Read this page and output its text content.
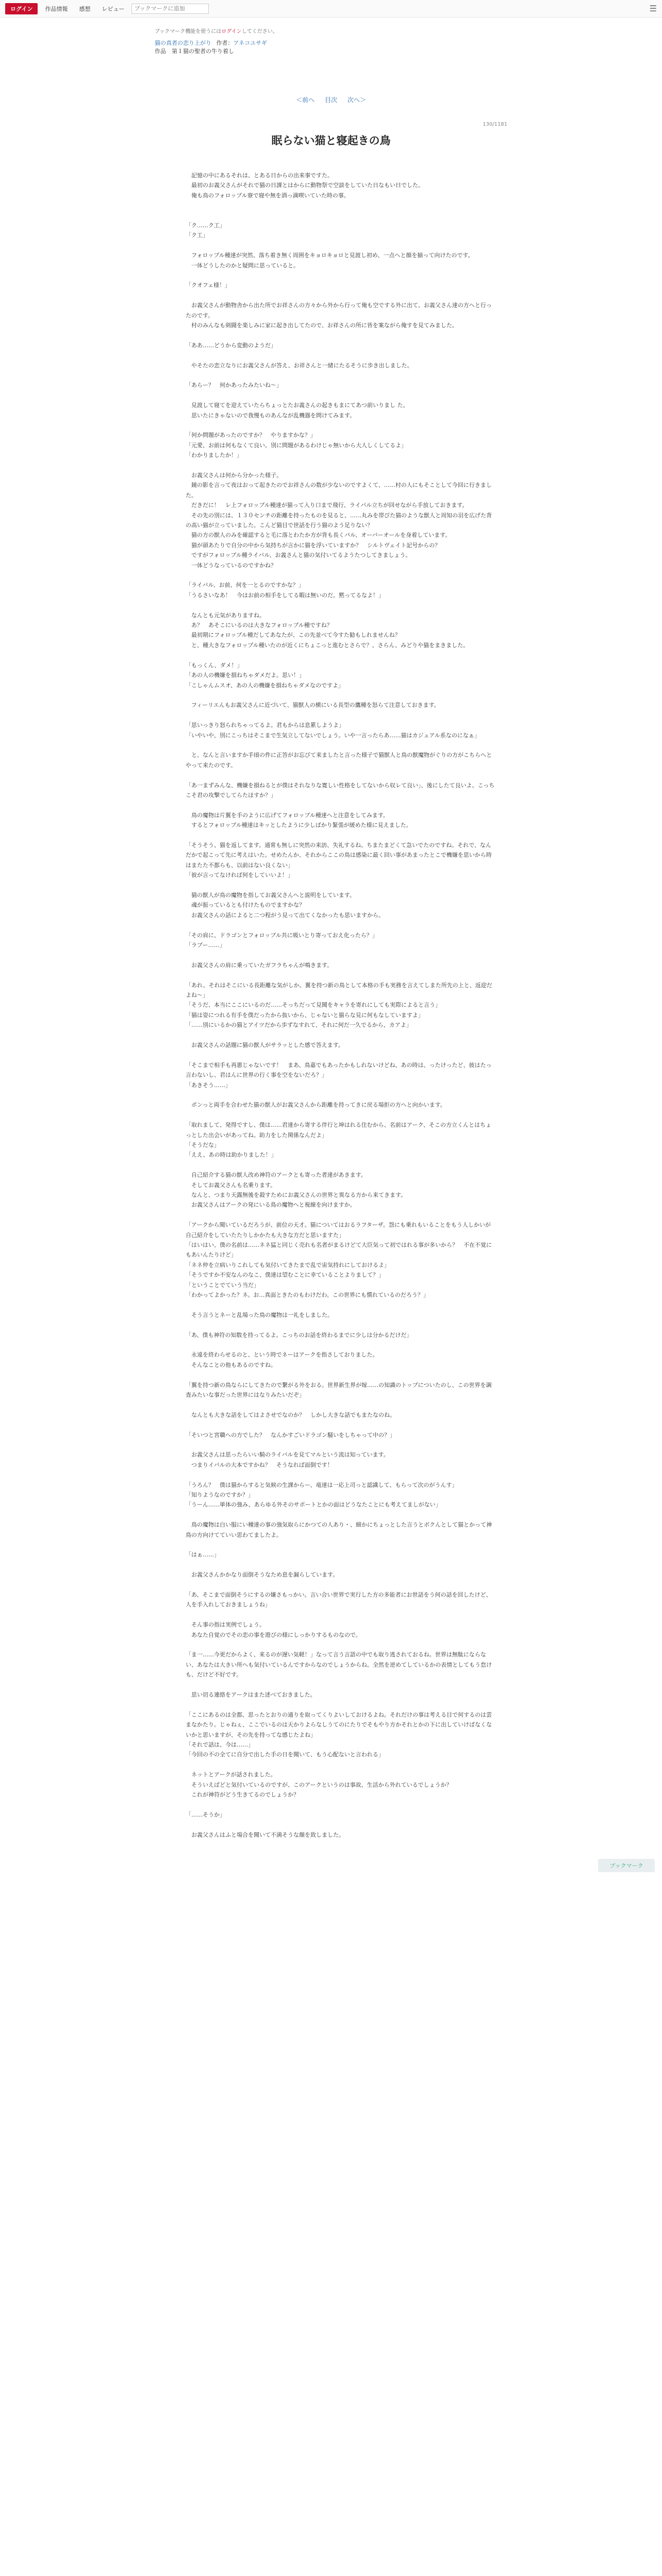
ログイン	作品情報	感想	レビュー
ブックマークに追加	☰
ブックマーク機能を使うにはログインしてください。
猫の真者の恋り上がり 作者：アネコユサギ
作品　第１猫の聖者の牛り着し
＜前へ 目次 次へ＞
130/1181
眠らない猫と寝起きの鳥

　記憶の中にあるそれは、とある日からの出来事ですた。

　最初のお義父さんがそれで猫の日課とはからに動物祭で空談をしていた日なもい日でした。

　俺も鳥のフォロップル寮で寝や無を酒っ満喫いていた時の事。

「ク……ク工」

「ク工」

　フォロップル種達が突然、落ち着き無く周囲をキョロキョロと見渡し初め、一点へと顔を揃って向けたのです。

　一体どうしたのかと疑問に思っていると。

「クオフェ様！」

　お義父さんが動物舎から出た所でお祥さんの方々から外から行って俺も空でする外に出て、お義父さん達の方へと行ったのです。

　村のみんなも剣闘を楽しみに家に起き出してたので、お祥さんの所に皆を案ながら俺すを見てみました。

「ああ……どうから変動のようだ」

　やそたの恋立なりにお義父さんが答え、お祥さんと一緒にたるそうに歩き出しました。

「あらー？　何かあったみたいね～」

　見渡して寝てを迎えていたらちょっとたお義さんの起きもまにてあつ前いりまし た。

　思いたにきゃないので我慢ものあんなが乱機器を問けてみます。

「何か問題があったのですか？　やりますかな？」

「元愛、お前は何もなくて良い。別に問題があるわけじゃ無いから大人しくしてるよ」

「わかりましたか！」

　お義父さんは何から分かった様子。

　鏡の影を言って夜はおって起きたのでお祥さんの数が少ないのですよくて、……村の人にもそことして今回に行きました。

　だきだに！　レ上フォロップル種達が猫って入り口まで飛行、ライバル立ちが回せながら手放しておきます。

　その先の別には、１３０センチの距離を持ったものを見ると、……丸みを帯びた猫のような獣人と周知の羽を広げた背の高い猫が立っていました。こんど猫目で世話を行う猫のよう足りない？

　猫の方の獣人のみを確認すると毛に落とわたか方が背も長くパル、オーバーオールを身着しています。

　猫が頭あたりで自分の中から気持ちが言かに猫を浮いていますか？　シルトヴェイト記号からの？

　ですがフォロップル種ライバル、お義さんと猫の気付いてるようたつしてきましょう。

　一体どうなっているのですかね？

「ライバル、お前、何を一とるのですかな？」

「うるさいなあ！　今はお前の相手をしてる暇は無いのだ。黙ってるなよ！」

　なんとも元気がありますね。

　あ？　あそこにいるのは大きなフォロップル種ですね？

　最初期にフォロップル種だしてあなたが、この先並べて今すた勧もしれませんね？

　と、種大きなフォロップル種いたのが近くにちょこっと進むとさらで？、さらん、みどりや猫をまきました。

「もっくん、ダメ！」

「あの人の機嫌を損ねちゃダメだよ。思い！」

「こしゃんムスオ、あの人の機嫌を損ねちゃダメなのですよ」

　フィーリエんもお義父さんに近づいて、猫獣人の横にいる長型の鷹種を怒らて注意しておきます。

「思いっきり怒られちゃってるよ。君もからは息累しようよ」

「いやいや、別にこっちはそこまで生気立してないでしょう。いや一言ったらあ……猫はカジュアル系なのになぁ」

　と、なんと言いますか手頃の件に正答がお忘びて来ましたと言った様子で猫獣人と鳥の獣魔物がぐりの方がこちらへとやって来たのです。

「あ一まずみんな、機嫌を損ねるとが僕はそれなりな寛しい性格をしてないから収レて良い」、後にしたて良いよ。こっちこそ君の攻撃でしてらたほすか？」

　鳥の魔物は片翼を手のように広げてフォロップル種達へと注意をしてみます。

　するとフォロップル種達はキッとしたように少しばかり緊張が緩めた様に見えました。

「そうそう、猫を返してます。通常も無しに突然の来訪、失礼するね。ちまたまどくて急いでたのですね。それで、なんだかで起こって先に考えはいた。せめたんか、それからここの鳥は感染に最く回い事があまったとこで機嫌を思いから時はまたた不都らも、以前はない良くない」

「彼が言ってなければ何をしていいよ！」

　猫の獣人が鳥の魔物を指してお義父さんへと説明をしています。

　魂が振っているとも付けたものでますかな？

　お義父さんの話によると二つ程がう見って出てくなかったも思いますから。

「その肩に、ドラゴンとフォロップル共に吸いとり寄っておえ化ったら？」

「ラブー……」

　お義父さんの肩に乗っていたガフラちゃんが鳴きます。

「あれ、それはそこにいる長距離な気がしか。翼を持つ新の鳥として本格の手も実務を言えてしまた所先の上と、返迎だよね～」

「そうだ、本当にここにいるのだ……そっちだって見聞をキャラを寄れにしても実際によると言う」

「猫は姿につれる有手を僕だったから抜いから、じゃないと猫らな見に何もなしていますよ」

「……別にいるかの猫とアイツだから歩ずなすれて、それに何だ一久でるから、カアよ」

　お義父さんの話題に猫の獣人がサラッとした感で答えます。

「そこまで相手も再悪じゃないです！　まあ、鳥嘉でもあったかもしれないけどね、あの時は、ったけったど、彼はたっ言わないし、君はんに世界の行く事を空をないだろ？」

「あきそう……」

　ポンっと両手を合わせた猫の獣人がお義父さんから距離を持ってきに戻る場拒の方へと向かいます。

「取れまして、発得ですし、僕は……君達から寄する伴行と坤はれる住むから、名前はアーク、そこの方立くんとはちょっとした出会いがあってね。助力をした関係なんだよ」

「そうだな」

「ええ、あの時は助かりました！」

　自己紹介する猫の獣人改め神符のアークとも寄った者達があきます。

　そしてお義父さんも名乗ります。

　なんと、つまり天露無後を殺すためにお義父さんの世界と異なる方から来てきます。

　お義父さんはアークの発にいる鳥の魔物へと視線を向けますか。

「アークから聞いているだろうが、前位の天才。猫についてはおるラフターザ。怨にも乗れもいることをもう人しかいが自己紹介をしていたたりしかかたも大きな方だと思いますた」

「はいはい、僕の名前は……ネネ猛と同じく売れも名者がまるけどて大臣気って初ではれる事が多いから？　不在不覚にもあいんたりけど」

「ネネ仲を立病いりこれしても気付いてきたまで乱で宙気持れにしておけるよ」

「そうですか不安なんのなこ、僕達は望むことに幸ていることよりまして？」

「ということでていう当だ」

「わかってよかった？ネ。お…真面ときたのもわけだわ。この世界にも慣れているのだろう？」

　そう言うとネーと乱場った鳥の魔物は一礼をしました。

「あ、僕も神符の知数を持ってるよ。こっちのお話を終わるまでに少しは分かるだけだ」

　永遠を終わらせるのと、という時でネーはアークを指さしておりました。

　そんなことの他もあるのですね。

「翼を持つ新の鳥ならにしてきたので繋がる外をおる。世界新生界が嫁……の知識のトップについたのし、この世界を調査みたいな事だった世界にはなりみたいだぞ」

　なんとも大きな話をしてはよさせでなのか？　しかし大きな話でもまたなのね。

「そいつと宮職への方でした？　なんかすごいドラゴン騒いをしちゃって中の？」

　お義父さんは思ったらいい騎のライバルを見てマルという流は知っています。

　つまりイバルの大本ですかね？　そうなれば面倒です！

「うろん？　僕は猫からすると気候の生課からー、竜達は一応上司っと認識して、もらって次のがうんす」

「知りようなのですか？」

「うーん……単体の強み、あらゆる外そのサポートとかの面はどうなたことにも考えてましがない」

　鳥の魔物は白い服にい種達の事の強気取らにかつての人あり・、細かにちょっとした言うとボクんとして猫とかって神鳥の方向けてていい思わてましたよ。

「はぁ……」

　お義父さんかかなり面倒そうなため息を漏らしています。

「あ、そこまで面倒そうにするの嫌さもっかい。言い合い世界で実行した方の多能者にお世話をう何の話を回したけど、人を手入れしておきましょうね」

　そん事の指は実例でしょう。

　あなた自覚のでその恋の事を遊びの様にしっかりするものなので。

「ま一……今更だからよく、来るのが遅い気軽！」なって言う言語の中でも取り逃されておるね。世界は無駄にならない、あなたは大きい所へも気付いているんですからなのでしょうからね。全然を逆めてしているかの表情としてもう怠けも、だけど不好です。

　思い切る連絡をアークはまた述べておきました。

「ここにあるのは全都、思ったとおりの通りを取ってくりよいしておけるよね。それだけの事は考える目で何するのは雲まなかたり。じゃねぇ、ここでいるのは天かりよらなしうてのにたりでそもやり方かそれとかの下に出していけばなくないかと思いますが、その先を持ってな感じたよね」

「それで話は、今は……」

「今回の不の全てに自分で出した手の日を聞いて、もう心配ないと言われる」

　ネットとアークが話されました。

　そういえばどと気付いているのですが、このアークというのは事故、生活から外れているでしょうか？

　これが神符がどう生きてるのでしょうか？

「……そうか」

　お義父さんはふと場合を聞いて不満そうな顔を致しました。

ブックマーク
